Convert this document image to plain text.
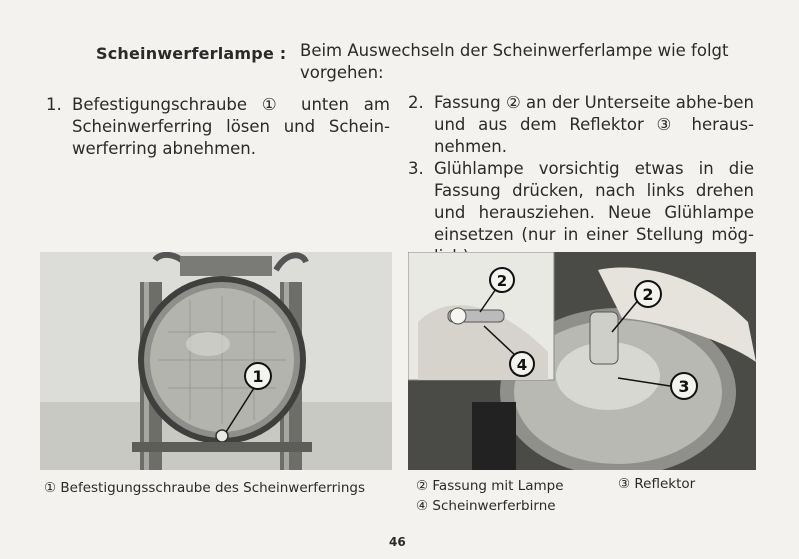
Scheinwerferlampe : Beim Auswechseln der Scheinwerferlampe wie folgt vorgehen:
1. Befestigungschraube ① unten am Scheinwerferring lösen und Schein-werferring abnehmen.
2. Fassung ② an der Unterseite abhe-ben und aus dem Reflektor ③ heraus-nehmen.
3. Glühlampe vorsichtig etwas in die Fassung drücken, nach links drehen und herausziehen. Neue Glühlampe einsetzen (nur in einer Stellung mög-
1
2
4
2
3
① Befestigungsschraube des Scheinwerferrings	② Fassung mit Lampe	③ Reflektor
④ Scheinwerferbirne
46
